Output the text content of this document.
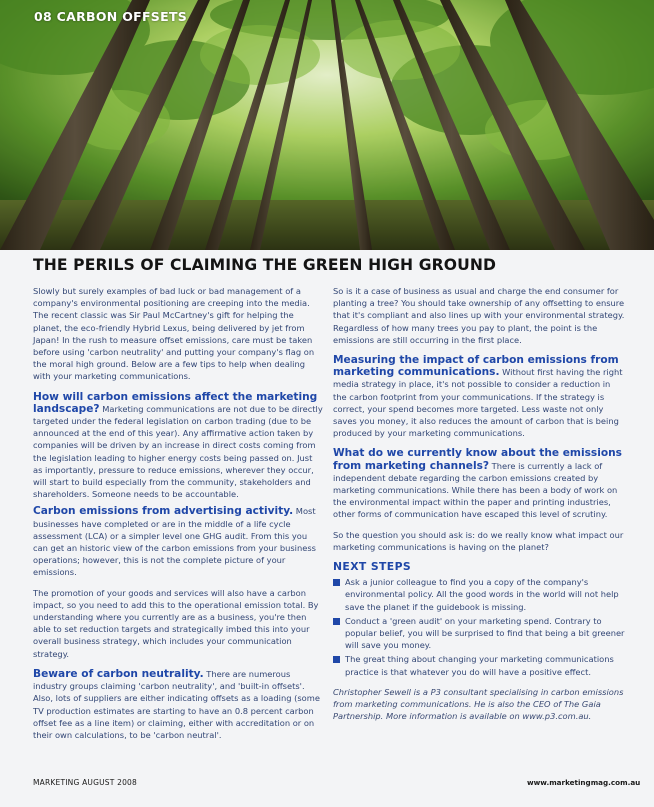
08 CARBON OFFSETS
THE PERILS OF CLAIMING THE GREEN HIGH GROUND

Slowly but surely examples of bad luck or bad management of a company's environmental positioning are creeping into the media. The recent classic was Sir Paul McCartney's gift for helping the planet, the eco-friendly Hybrid Lexus, being delivered by jet from Japan! In the rush to measure offset emissions, care must be taken before using 'carbon neutrality' and putting your company's flag on the moral high ground. Below are a few tips to help when dealing with your marketing communications.

How will carbon emissions affect the marketing landscape? Marketing communications are not due to be directly targeted under the federal legislation on carbon trading (due to be announced at the end of this year). Any affirmative action taken by companies will be driven by an increase in direct costs coming from the legislation leading to higher energy costs being passed on. Just as importantly, pressure to reduce emissions, wherever they occur, will start to build especially from the community, stakeholders and shareholders. Someone needs to be accountable.

Carbon emissions from advertising activity. Most businesses have completed or are in the middle of a life cycle assessment (LCA) or a simpler level one GHG audit. From this you can get an historic view of the carbon emissions from your business operations; however, this is not the complete picture of your emissions.

The promotion of your goods and services will also have a carbon impact, so you need to add this to the operational emission total. By understanding where you currently are as a business, you're then able to set reduction targets and strategically imbed this into your overall business strategy, which includes your communication strategy.

Beware of carbon neutrality. There are numerous industry groups claiming 'carbon neutrality', and 'built-in offsets'. Also, lots of suppliers are either indicating offsets as a loading (some TV production estimates are starting to have an 0.8 percent carbon offset fee as a line item) or claiming, either with accreditation or on their own calculations, to be 'carbon neutral'.

So is it a case of business as usual and charge the end consumer for planting a tree? You should take ownership of any offsetting to ensure that it's compliant and also lines up with your environmental strategy. Regardless of how many trees you pay to plant, the point is the emissions are still occurring in the first place.

Measuring the impact of carbon emissions from marketing communications. Without first having the right media strategy in place, it's not possible to consider a reduction in the carbon footprint from your communications. If the strategy is correct, your spend becomes more targeted. Less waste not only saves you money, it also reduces the amount of carbon that is being produced by your marketing communications.

What do we currently know about the emissions from marketing channels? There is currently a lack of independent debate regarding the carbon emissions created by marketing communications. While there has been a body of work on the environmental impact within the paper and printing industries, other forms of communication have escaped this level of scrutiny.

So the question you should ask is: do we really know what impact our marketing communications is having on the planet?

NEXT STEPS
Ask a junior colleague to find you a copy of the company's environmental policy. All the good words in the world will not help save the planet if the guidebook is missing.
Conduct a 'green audit' on your marketing spend. Contrary to popular belief, you will be surprised to find that being a bit greener will save you money.
The great thing about changing your marketing communications practice is that whatever you do will have a positive effect.

Christopher Sewell is a P3 consultant specialising in carbon emissions from marketing communications. He is also the CEO of The Gaia Partnership. More information is available on www.p3.com.au.

MARKETING AUGUST 2008	www.marketingmag.com.au
